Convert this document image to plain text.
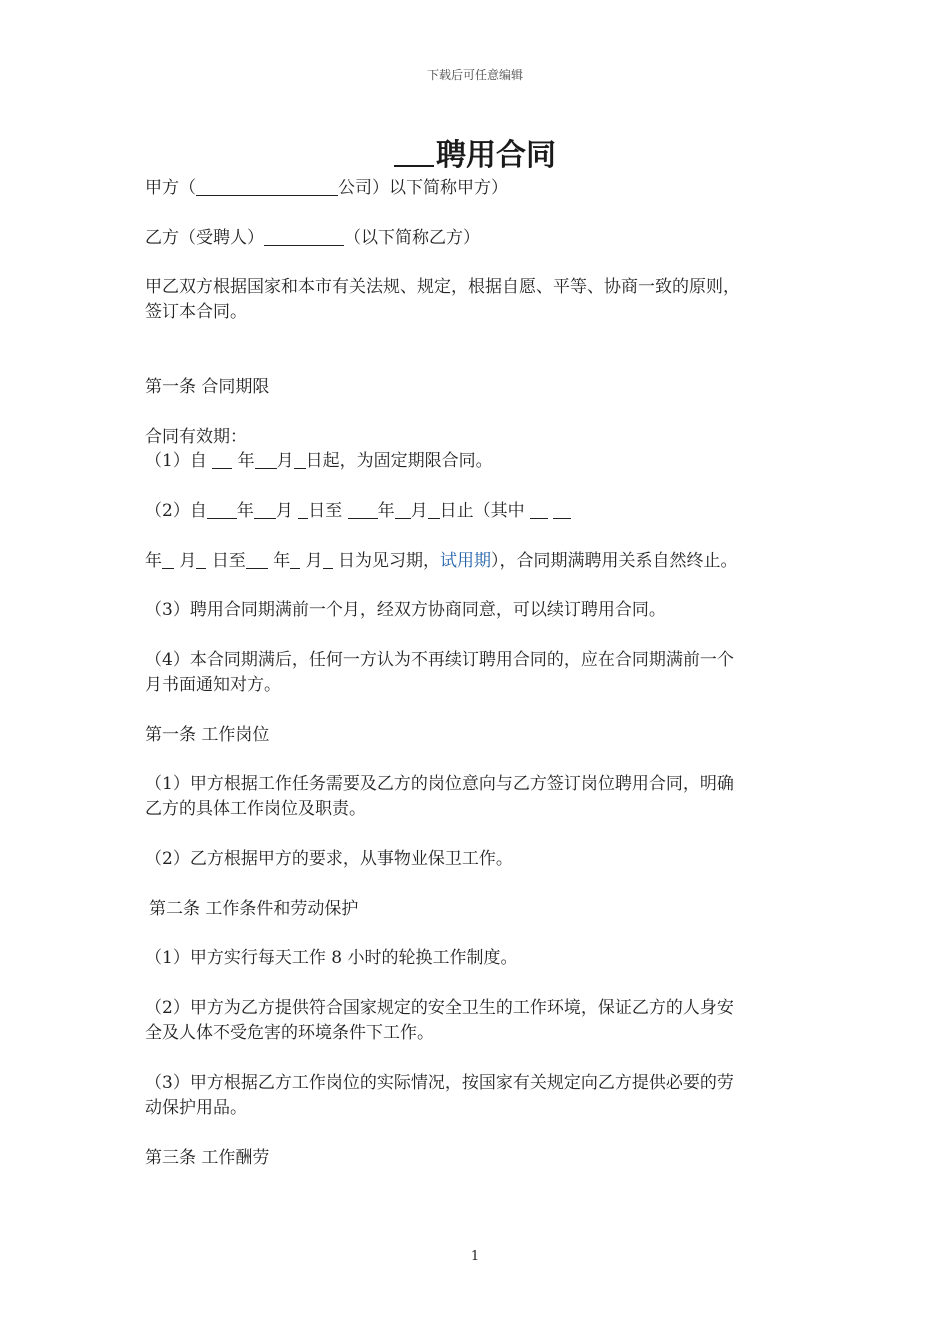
下载后可任意编辑
聘用合同
甲方（	公司）以下简称甲方）
乙方（受聘人）	（以下简称乙方）
甲乙双方根据国家和本市有关法规、规定，根据自愿、平等、协商一致的原则，
签订本合同。
第一条 合同期限
合同有效期：
（1）自 年 月 日起，为固定期限合同。
（2）自 年 月 日至 年 月 日止（其中
年 月 日至 年 月 日为见习期，试用期），合同期满聘用关系自然终止。
（3）聘用合同期满前一个月，经双方协商同意，可以续订聘用合同。
（4）本合同期满后，任何一方认为不再续订聘用合同的，应在合同期满前一个
月书面通知对方。
第一条 工作岗位
（1）甲方根据工作任务需要及乙方的岗位意向与乙方签订岗位聘用合同，明确
乙方的具体工作岗位及职责。
（2）乙方根据甲方的要求，从事物业保卫工作。
第二条 工作条件和劳动保护
（1）甲方实行每天工作 8 小时的轮换工作制度。
（2）甲方为乙方提供符合国家规定的安全卫生的工作环境，保证乙方的人身安
全及人体不受危害的环境条件下工作。
（3）甲方根据乙方工作岗位的实际情况，按国家有关规定向乙方提供必要的劳
动保护用品。
第三条 工作酬劳
1
